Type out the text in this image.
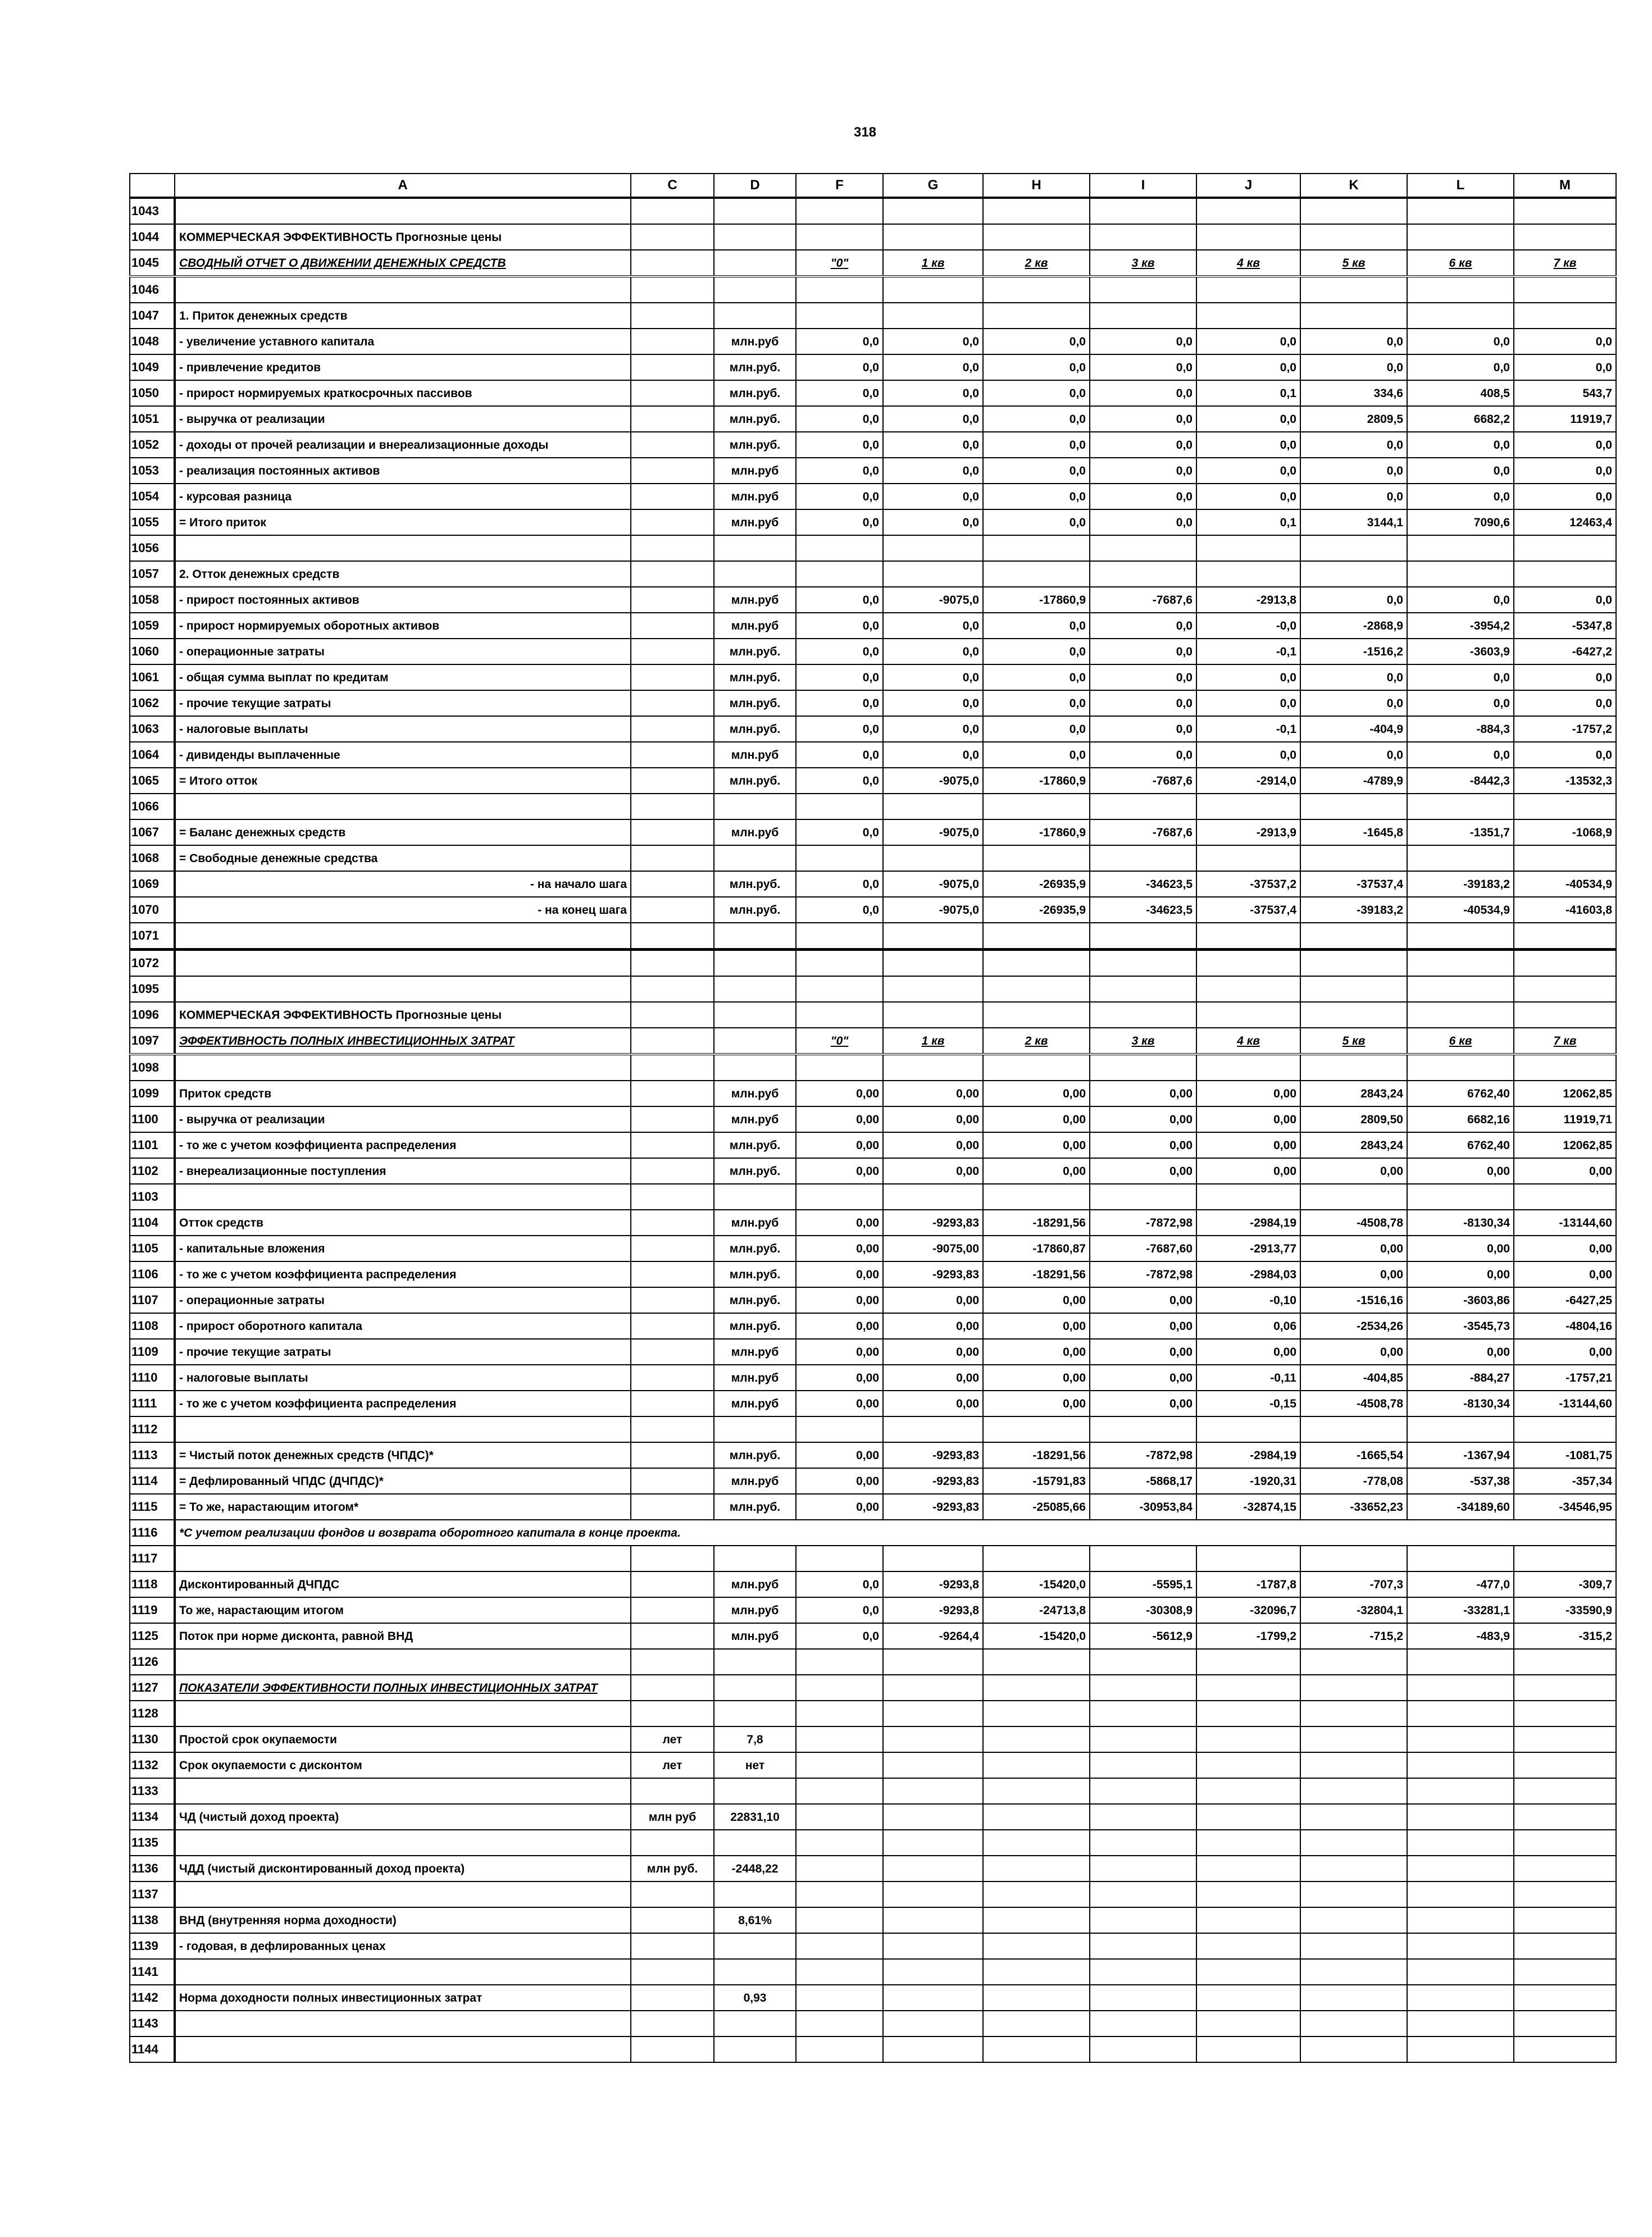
318
	A	C	D	F	G	H	I	J	K	L	M
1043											
1044	КОММЕРЧЕСКАЯ ЭФФЕКТИВНОСТЬ Прогнозные цены										
1045	СВОДНЫЙ ОТЧЕТ О ДВИЖЕНИИ ДЕНЕЖНЫХ СРЕДСТВ			"0"	1 кв	2 кв	3 кв	4 кв	5 кв	6 кв	7 кв
1046											
1047	1. Приток денежных средств										
1048	- увеличение уставного капитала		млн.руб	0,0	0,0	0,0	0,0	0,0	0,0	0,0	0,0
1049	- привлечение кредитов		млн.руб.	0,0	0,0	0,0	0,0	0,0	0,0	0,0	0,0
1050	- прирост нормируемых краткосрочных пассивов		млн.руб.	0,0	0,0	0,0	0,0	0,1	334,6	408,5	543,7
1051	- выручка от реализации		млн.руб.	0,0	0,0	0,0	0,0	0,0	2809,5	6682,2	11919,7
1052	- доходы от прочей реализации и внереализационные доходы		млн.руб.	0,0	0,0	0,0	0,0	0,0	0,0	0,0	0,0
1053	- реализация постоянных активов		млн.руб	0,0	0,0	0,0	0,0	0,0	0,0	0,0	0,0
1054	- курсовая разница		млн.руб	0,0	0,0	0,0	0,0	0,0	0,0	0,0	0,0
1055	= Итого приток		млн.руб	0,0	0,0	0,0	0,0	0,1	3144,1	7090,6	12463,4
1056											
1057	2. Отток денежных средств										
1058	- прирост постоянных активов		млн.руб	0,0	-9075,0	-17860,9	-7687,6	-2913,8	0,0	0,0	0,0
1059	- прирост нормируемых оборотных активов		млн.руб	0,0	0,0	0,0	0,0	-0,0	-2868,9	-3954,2	-5347,8
1060	- операционные затраты		млн.руб.	0,0	0,0	0,0	0,0	-0,1	-1516,2	-3603,9	-6427,2
1061	- общая сумма выплат по кредитам		млн.руб.	0,0	0,0	0,0	0,0	0,0	0,0	0,0	0,0
1062	- прочие текущие затраты		млн.руб.	0,0	0,0	0,0	0,0	0,0	0,0	0,0	0,0
1063	- налоговые выплаты		млн.руб.	0,0	0,0	0,0	0,0	-0,1	-404,9	-884,3	-1757,2
1064	- дивиденды выплаченные		млн.руб	0,0	0,0	0,0	0,0	0,0	0,0	0,0	0,0
1065	= Итого отток		млн.руб.	0,0	-9075,0	-17860,9	-7687,6	-2914,0	-4789,9	-8442,3	-13532,3
1066											
1067	= Баланс денежных средств		млн.руб	0,0	-9075,0	-17860,9	-7687,6	-2913,9	-1645,8	-1351,7	-1068,9
1068	= Свободные денежные средства										
1069	- на начало шага		млн.руб.	0,0	-9075,0	-26935,9	-34623,5	-37537,2	-37537,4	-39183,2	-40534,9
1070	- на конец шага		млн.руб.	0,0	-9075,0	-26935,9	-34623,5	-37537,4	-39183,2	-40534,9	-41603,8
1071											
1072											
1095											
1096	КОММЕРЧЕСКАЯ ЭФФЕКТИВНОСТЬ Прогнозные цены										
1097	ЭФФЕКТИВНОСТЬ ПОЛНЫХ ИНВЕСТИЦИОННЫХ ЗАТРАТ			"0"	1 кв	2 кв	3 кв	4 кв	5 кв	6 кв	7 кв
1098											
1099	Приток средств		млн.руб	0,00	0,00	0,00	0,00	0,00	2843,24	6762,40	12062,85
1100	- выручка от реализации		млн.руб	0,00	0,00	0,00	0,00	0,00	2809,50	6682,16	11919,71
1101	- то же с учетом коэффициента распределения		млн.руб.	0,00	0,00	0,00	0,00	0,00	2843,24	6762,40	12062,85
1102	- внереализационные поступления		млн.руб.	0,00	0,00	0,00	0,00	0,00	0,00	0,00	0,00
1103											
1104	Отток средств		млн.руб	0,00	-9293,83	-18291,56	-7872,98	-2984,19	-4508,78	-8130,34	-13144,60
1105	- капитальные вложения		млн.руб.	0,00	-9075,00	-17860,87	-7687,60	-2913,77	0,00	0,00	0,00
1106	- то же с учетом коэффициента распределения		млн.руб.	0,00	-9293,83	-18291,56	-7872,98	-2984,03	0,00	0,00	0,00
1107	- операционные затраты		млн.руб.	0,00	0,00	0,00	0,00	-0,10	-1516,16	-3603,86	-6427,25
1108	- прирост оборотного капитала		млн.руб.	0,00	0,00	0,00	0,00	0,06	-2534,26	-3545,73	-4804,16
1109	- прочие текущие затраты		млн.руб	0,00	0,00	0,00	0,00	0,00	0,00	0,00	0,00
1110	- налоговые выплаты		млн.руб	0,00	0,00	0,00	0,00	-0,11	-404,85	-884,27	-1757,21
1111	- то же с учетом коэффициента распределения		млн.руб	0,00	0,00	0,00	0,00	-0,15	-4508,78	-8130,34	-13144,60
1112											
1113	= Чистый поток денежных средств (ЧПДС)*		млн.руб.	0,00	-9293,83	-18291,56	-7872,98	-2984,19	-1665,54	-1367,94	-1081,75
1114	= Дефлированный ЧПДС (ДЧПДС)*		млн.руб	0,00	-9293,83	-15791,83	-5868,17	-1920,31	-778,08	-537,38	-357,34
1115	= То же, нарастающим итогом*		млн.руб.	0,00	-9293,83	-25085,66	-30953,84	-32874,15	-33652,23	-34189,60	-34546,95
1116	*С учетом реализации фондов и возврата оборотного капитала в конце проекта.										
1117											
1118	Дисконтированный ДЧПДС		млн.руб	0,0	-9293,8	-15420,0	-5595,1	-1787,8	-707,3	-477,0	-309,7
1119	То же, нарастающим итогом		млн.руб	0,0	-9293,8	-24713,8	-30308,9	-32096,7	-32804,1	-33281,1	-33590,9
1125	Поток при норме дисконта, равной ВНД		млн.руб	0,0	-9264,4	-15420,0	-5612,9	-1799,2	-715,2	-483,9	-315,2
1126											
1127	ПОКАЗАТЕЛИ ЭФФЕКТИВНОСТИ ПОЛНЫХ ИНВЕСТИЦИОННЫХ ЗАТРАТ										
1128											
1130	Простой срок окупаемости	лет	7,8								
1132	Срок окупаемости с дисконтом	лет	нет								
1133											
1134	ЧД (чистый доход проекта)	млн руб	22831,10								
1135											
1136	ЧДД (чистый дисконтированный доход проекта)	млн руб.	-2448,22								
1137											
1138	ВНД (внутренняя норма доходности)		8,61%								
1139	- годовая, в дефлированных ценах										
1141											
1142	Норма доходности полных инвестиционных затрат		0,93								
1143											
1144											
